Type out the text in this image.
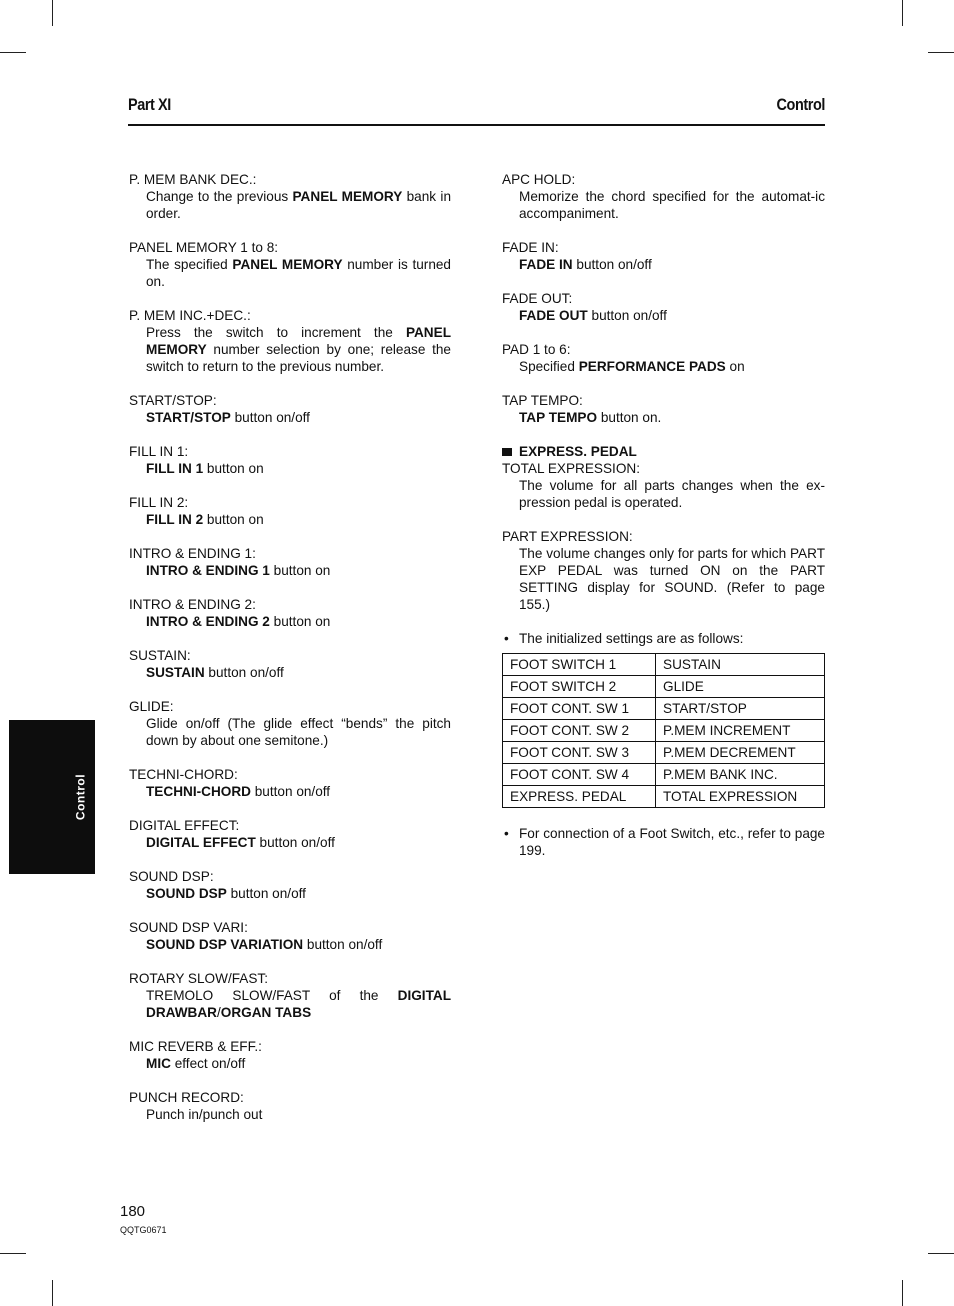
Part XI	Control
Control
P. MEM BANK DEC.:
Change to the previous PANEL MEMORY bank in order.
PANEL MEMORY 1 to 8:
The specified PANEL MEMORY number is turned on.
P. MEM INC.+DEC.:
Press the switch to increment the PANEL MEMORY number selection by one; release the switch to return to the previous number.
START/STOP:
START/STOP button on/off
FILL IN 1:
FILL IN 1 button on
FILL IN 2:
FILL IN 2 button on
INTRO & ENDING 1:
INTRO & ENDING 1 button on
INTRO & ENDING 2:
INTRO & ENDING 2 button on
SUSTAIN:
SUSTAIN button on/off
GLIDE:
Glide on/off (The glide effect “bends” the pitch down by about one semitone.)
TECHNI-CHORD:
TECHNI-CHORD button on/off
DIGITAL EFFECT:
DIGITAL EFFECT button on/off
SOUND DSP:
SOUND DSP button on/off
SOUND DSP VARI:
SOUND DSP VARIATION button on/off
ROTARY SLOW/FAST:
TREMOLO SLOW/FAST of the DIGITAL DRAWBAR/ORGAN TABS
MIC REVERB & EFF.:
MIC effect on/off
PUNCH RECORD:
Punch in/punch out
APC HOLD:
Memorize the chord specified for the automat-ic accompaniment.
FADE IN:
FADE IN button on/off
FADE OUT:
FADE OUT button on/off
PAD 1 to 6:
Specified PERFORMANCE PADS on
TAP TEMPO:
TAP TEMPO button on.
EXPRESS. PEDAL
TOTAL EXPRESSION:
The volume for all parts changes when the ex-pression pedal is operated.
PART EXPRESSION:
The volume changes only for parts for which PART EXP PEDAL was turned ON on the PART SETTING display for SOUND. (Refer to page 155.)
• The initialized settings are as follows:
FOOT SWITCH 1	SUSTAIN
FOOT SWITCH 2	GLIDE
FOOT CONT. SW 1	START/STOP
FOOT CONT. SW 2	P.MEM INCREMENT
FOOT CONT. SW 3	P.MEM DECREMENT
FOOT CONT. SW 4	P.MEM BANK INC.
EXPRESS. PEDAL	TOTAL EXPRESSION
• For connection of a Foot Switch, etc., refer to page 199.
180
QQTG0671
